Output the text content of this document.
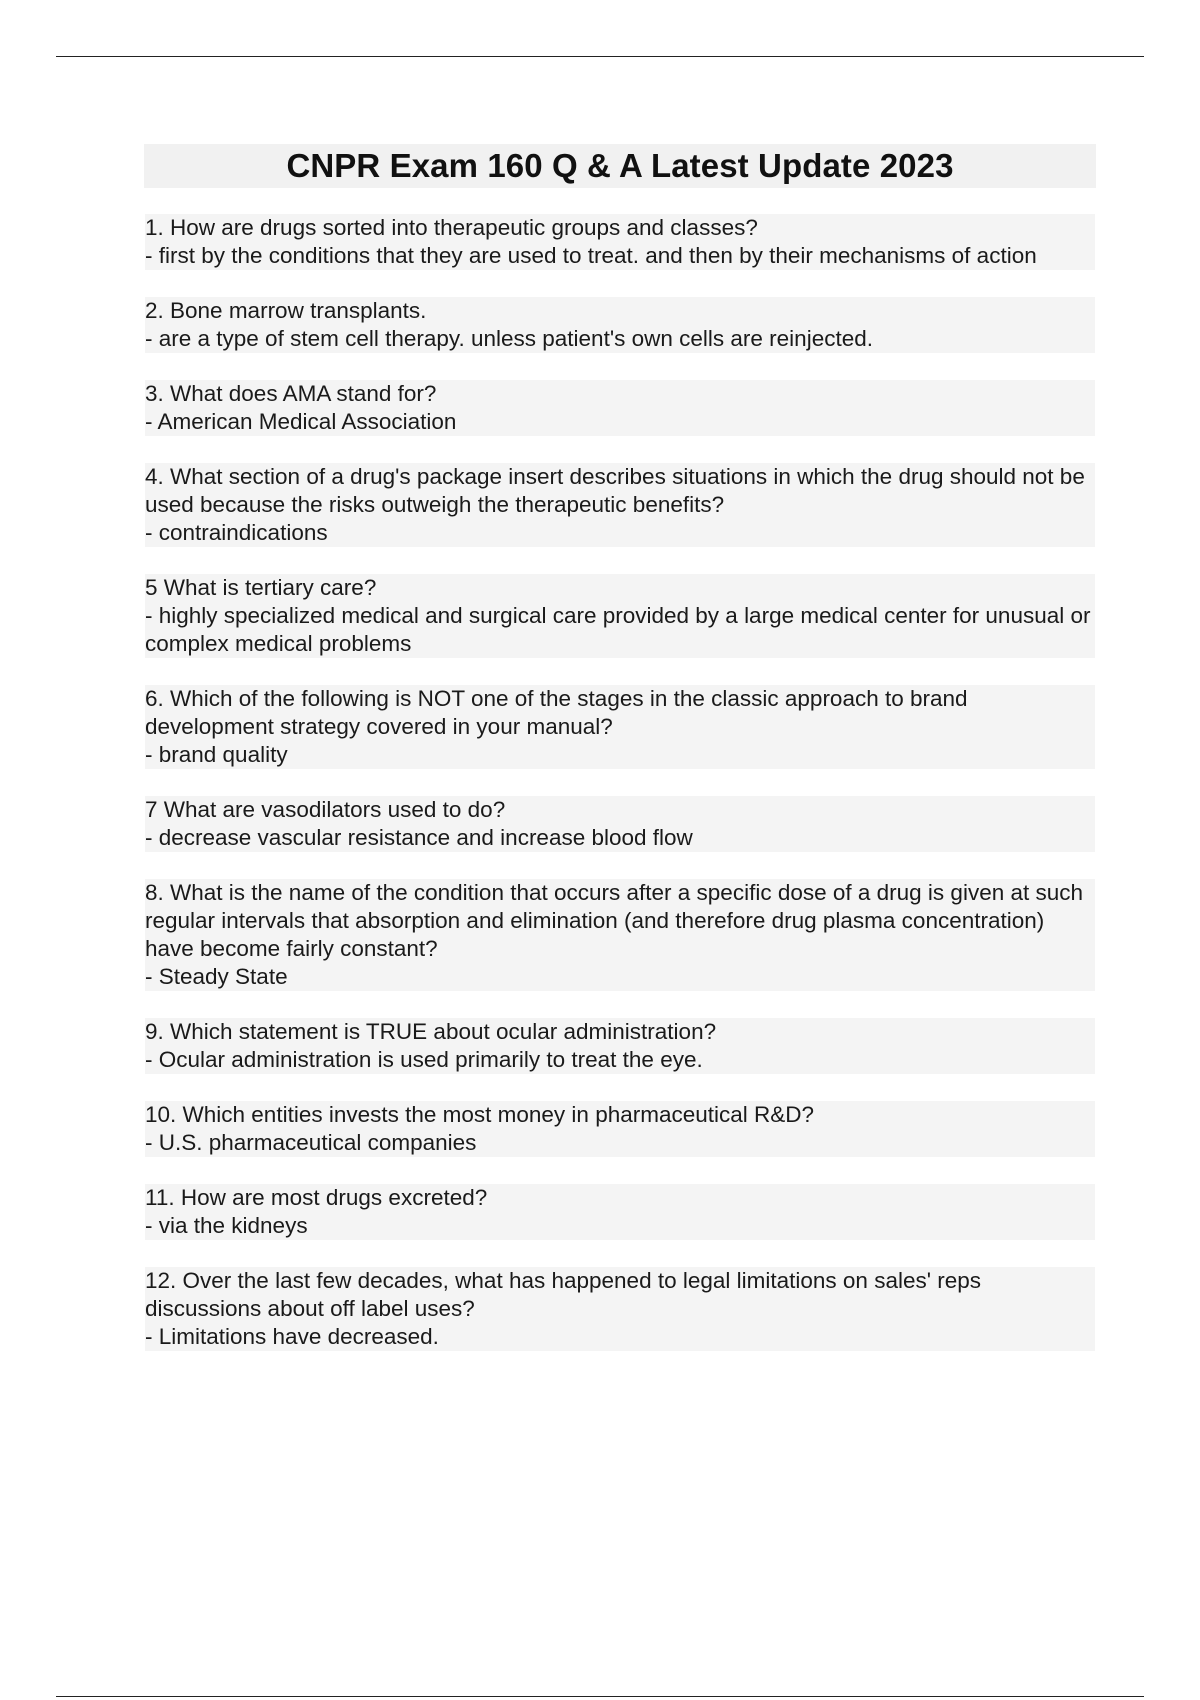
CNPR Exam 160 Q & A Latest Update 2023
1. How are drugs sorted into therapeutic groups and classes?
- first by the conditions that they are used to treat. and then by their mechanisms of action
2. Bone marrow transplants.
- are a type of stem cell therapy. unless patient's own cells are reinjected.
3. What does AMA stand for?
- American Medical Association
4. What section of a drug's package insert describes situations in which the drug should not be used because the risks outweigh the therapeutic benefits?
- contraindications
5 What is tertiary care?
- highly specialized medical and surgical care provided by a large medical center for unusual or complex medical problems
6. Which of the following is NOT one of the stages in the classic approach to brand development strategy covered in your manual?
- brand quality
7 What are vasodilators used to do?
- decrease vascular resistance and increase blood flow
8. What is the name of the condition that occurs after a specific dose of a drug is given at such regular intervals that absorption and elimination (and therefore drug plasma concentration) have become fairly constant?
- Steady State
9. Which statement is TRUE about ocular administration?
- Ocular administration is used primarily to treat the eye.
10. Which entities invests the most money in pharmaceutical R&D?
- U.S. pharmaceutical companies
11. How are most drugs excreted?
- via the kidneys
12. Over the last few decades, what has happened to legal limitations on sales' reps discussions about off label uses?
- Limitations have decreased.
